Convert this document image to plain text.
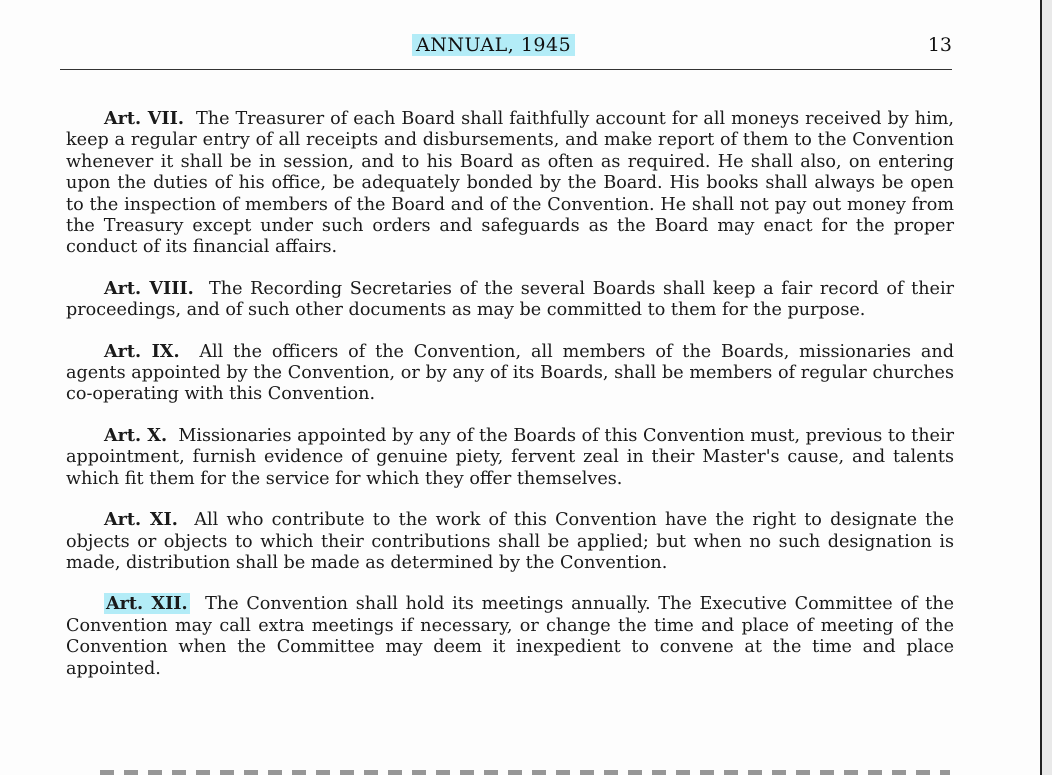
ANNUAL, 1945	13

Art. VII. The Treasurer of each Board shall faithfully account for all moneys received by him, keep a regular entry of all receipts and disbursements, and make report of them to the Convention whenever it shall be in session, and to his Board as often as required. He shall also, on entering upon the duties of his office, be adequately bonded by the Board. His books shall always be open to the inspection of members of the Board and of the Convention. He shall not pay out money from the Treasury except under such orders and safeguards as the Board may enact for the proper conduct of its financial affairs.

Art. VIII. The Recording Secretaries of the several Boards shall keep a fair record of their proceedings, and of such other documents as may be committed to them for the purpose.

Art. IX. All the officers of the Convention, all members of the Boards, missionaries and agents appointed by the Convention, or by any of its Boards, shall be members of regular churches co-operating with this Convention.

Art. X. Missionaries appointed by any of the Boards of this Convention must, previous to their appointment, furnish evidence of genuine piety, fervent zeal in their Master's cause, and talents which fit them for the service for which they offer themselves.

Art. XI. All who contribute to the work of this Convention have the right to designate the objects or objects to which their contributions shall be applied; but when no such designation is made, distribution shall be made as determined by the Convention.

Art. XII. The Convention shall hold its meetings annually. The Executive Committee of the Convention may call extra meetings if necessary, or change the time and place of meeting of the Convention when the Committee may deem it inexpedient to convene at the time and place appointed.
